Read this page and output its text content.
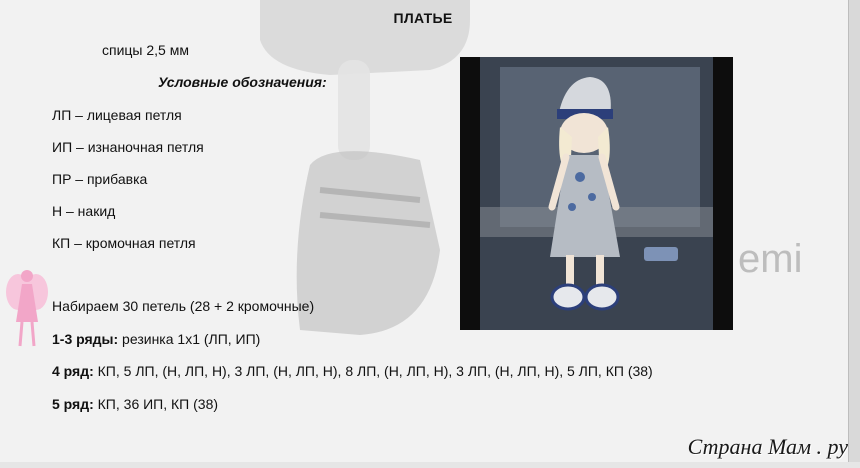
emi
ПЛАТЬЕ
спицы 2,5 мм
Условные обозначения:
ЛП – лицевая петля
ИП – изнаночная петля
ПР – прибавка
Н – накид
КП – кромочная петля
Набираем 30 петель (28 + 2 кромочные)
1-3 ряды: резинка 1х1 (ЛП, ИП)
4 ряд: КП, 5 ЛП, (Н, ЛП, Н), 3 ЛП, (Н, ЛП, Н), 8 ЛП, (Н, ЛП, Н), 3 ЛП, (Н, ЛП, Н), 5 ЛП, КП (38)
5 ряд: КП, 36 ИП, КП (38)
Страна Мам . ру
